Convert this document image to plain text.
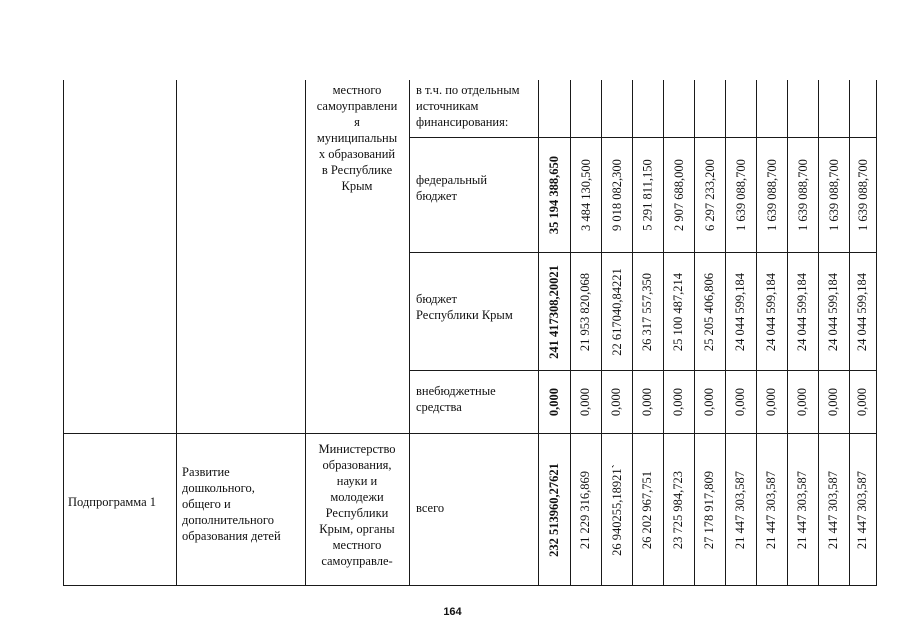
местного
самоуправлени
я
муниципальны
х образований
в Республике
Крым
в т.ч. по отдельным
источникам
финансирования:
федеральный
бюджет
бюджет
Республики Крым
внебюджетные
средства
35 194 388,650 3 484 130,500 9 018 082,300 5 291 811,150 2 907 688,000 6 297 233,200 1 639 088,700 1 639 088,700 1 639 088,700 1 639 088,700 1 639 088,700
241 417308,20021 21 953 820,068 22 617040,84221 26 317 557,350 25 100 487,214 25 205 406,806 24 044 599,184 24 044 599,184 24 044 599,184 24 044 599,184 24 044 599,184
0,000 0,000 0,000 0,000 0,000 0,000 0,000 0,000 0,000 0,000 0,000
Подпрограмма 1
Развитие
дошкольного,
общего и
дополнительного
образования детей
Министерство
образования,
науки и
молодежи
Республики
Крым, органы
местного
самоуправле-
всего	232 513960,27621 21 229 316,869 26 940255,18921` 26 202 967,751 23 725 984,723 27 178 917,809 21 447 303,587 21 447 303,587 21 447 303,587 21 447 303,587 21 447 303,587
164
